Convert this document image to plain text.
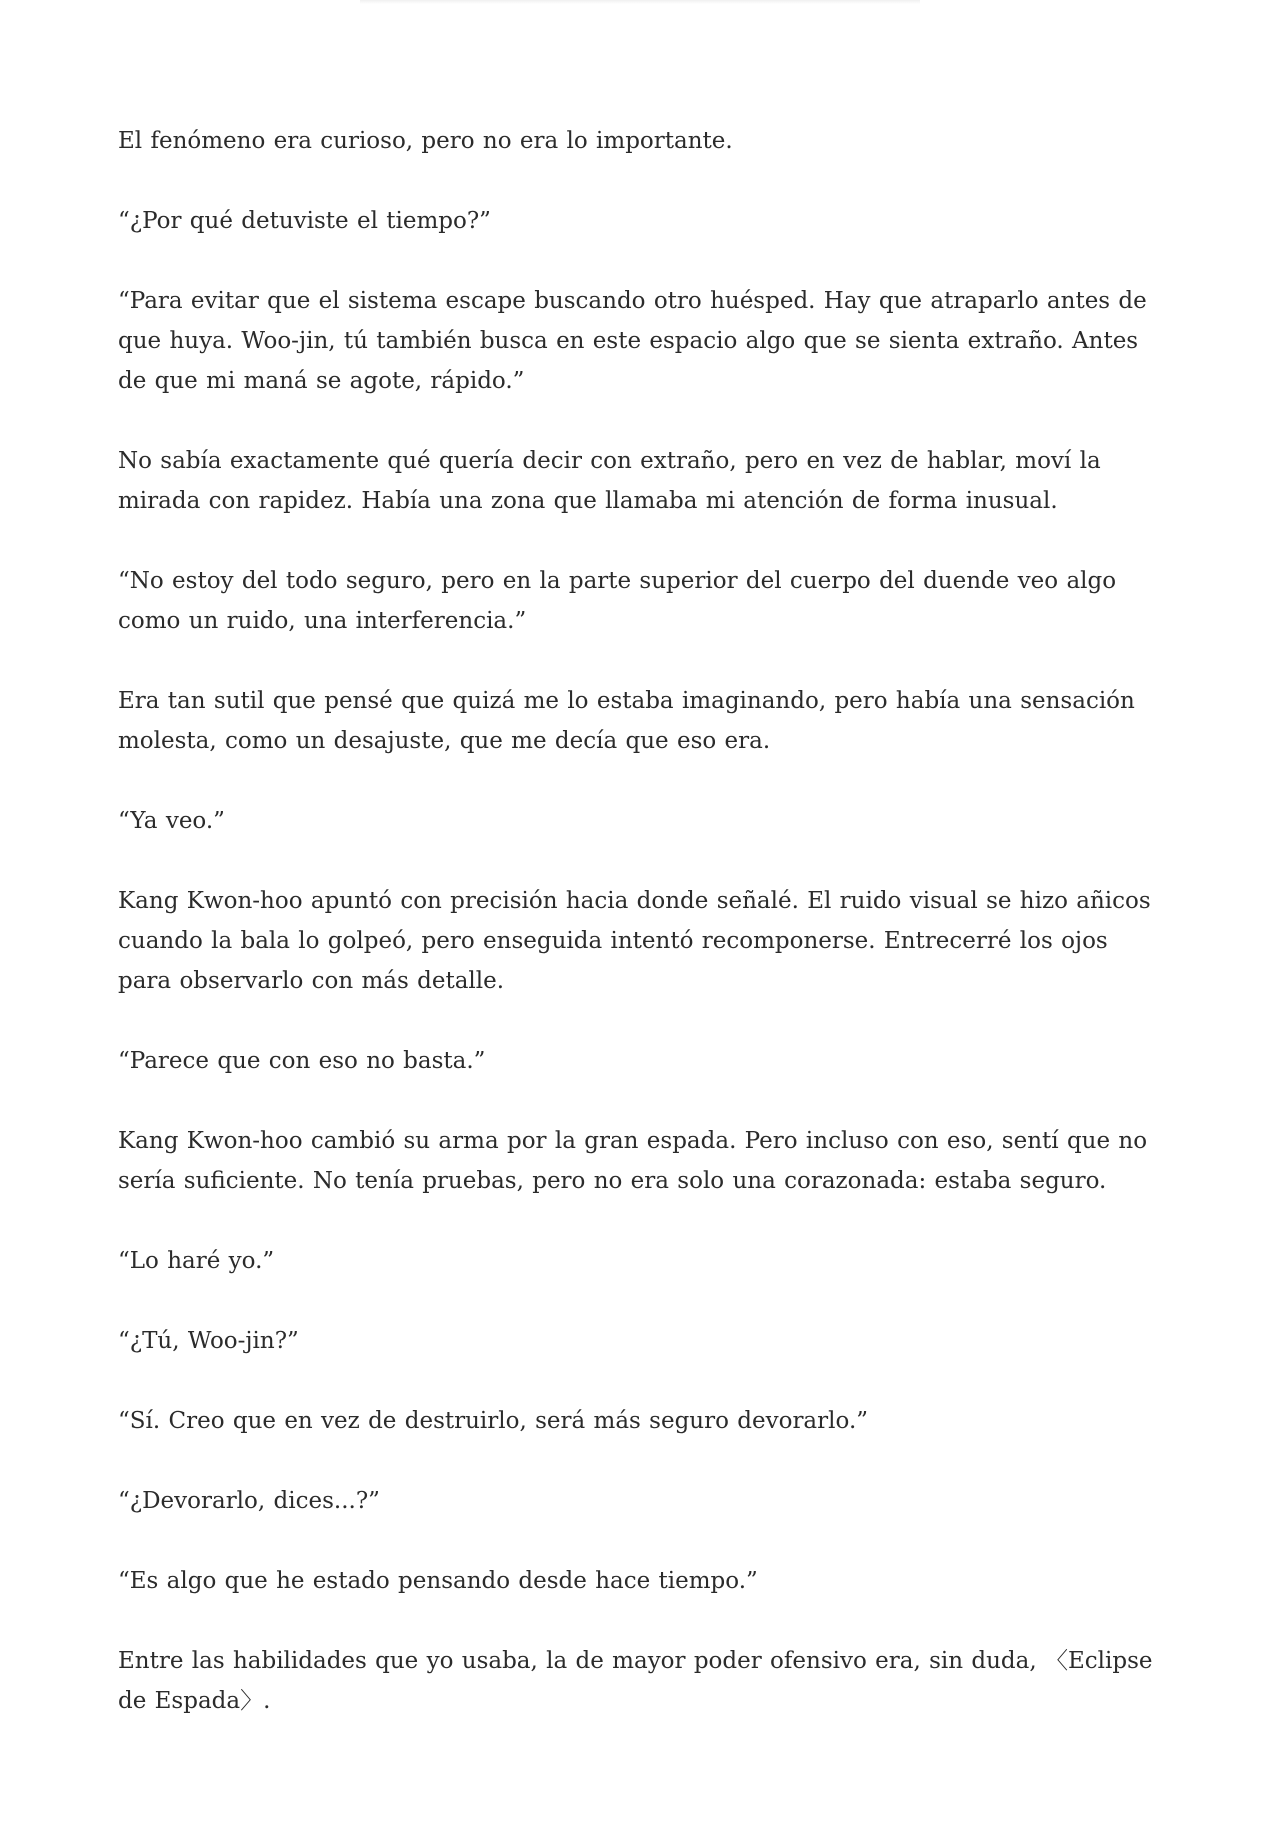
El fenómeno era curioso, pero no era lo importante.

“¿Por qué detuviste el tiempo?”

“Para evitar que el sistema escape buscando otro huésped. Hay que atraparlo antes de que huya. Woo-jin, tú también busca en este espacio algo que se sienta extraño. Antes de que mi maná se agote, rápido.”

No sabía exactamente qué quería decir con extraño, pero en vez de hablar, moví la mirada con rapidez. Había una zona que llamaba mi atención de forma inusual.

“No estoy del todo seguro, pero en la parte superior del cuerpo del duende veo algo como un ruido, una interferencia.”

Era tan sutil que pensé que quizá me lo estaba imaginando, pero había una sensación molesta, como un desajuste, que me decía que eso era.

“Ya veo.”

Kang Kwon-hoo apuntó con precisión hacia donde señalé. El ruido visual se hizo añicos cuando la bala lo golpeó, pero enseguida intentó recomponerse. Entrecerré los ojos para observarlo con más detalle.

“Parece que con eso no basta.”

Kang Kwon-hoo cambió su arma por la gran espada. Pero incluso con eso, sentí que no sería suficiente. No tenía pruebas, pero no era solo una corazonada: estaba seguro.

“Lo haré yo.”

“¿Tú, Woo-jin?”

“Sí. Creo que en vez de destruirlo, será más seguro devorarlo.”

“¿Devorarlo, dices...?”

“Es algo que he estado pensando desde hace tiempo.”

Entre las habilidades que yo usaba, la de mayor poder ofensivo era, sin duda, 〈Eclipse de Espada〉.
